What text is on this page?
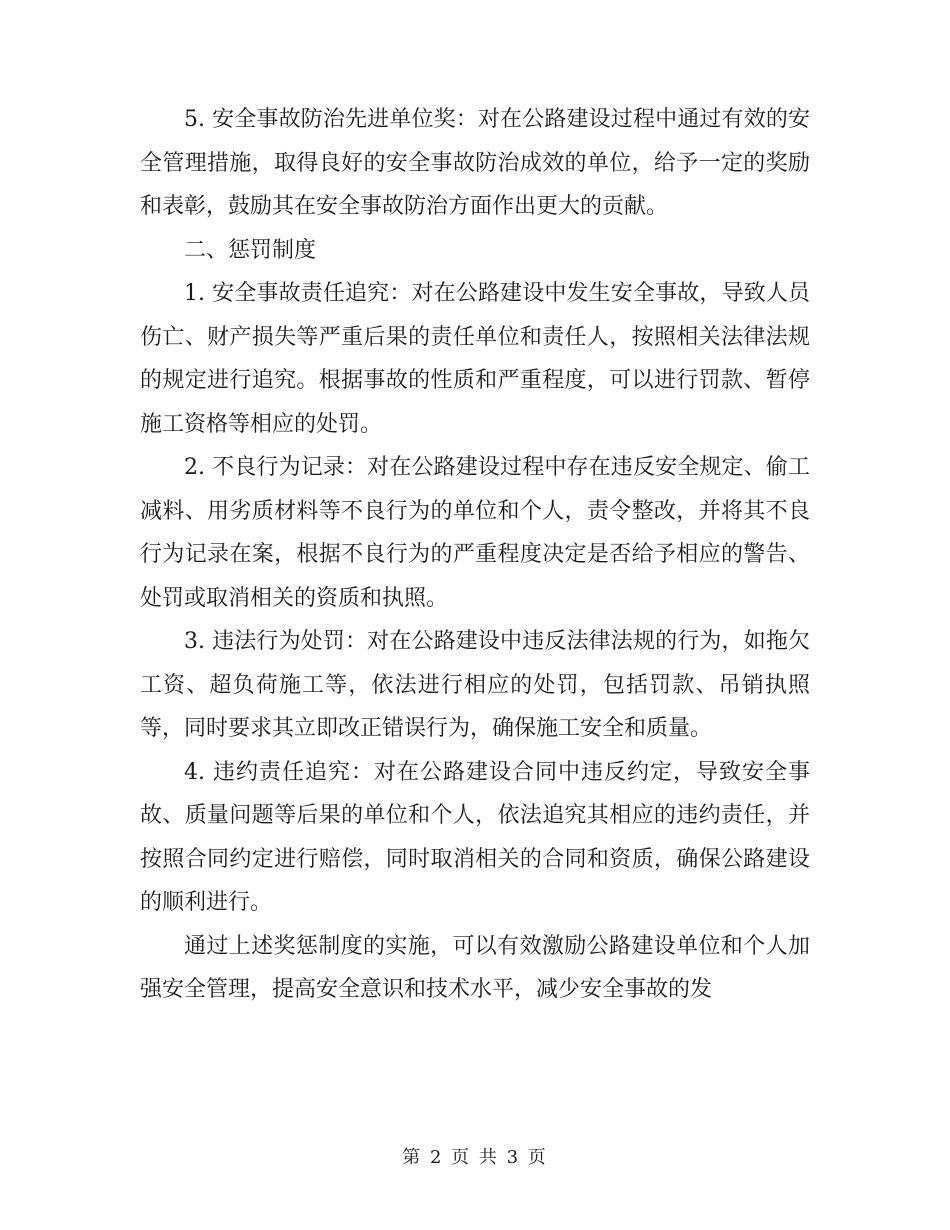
5. 安全事故防治先进单位奖：对在公路建设过程中通过有效的安全管理措施，取得良好的安全事故防治成效的单位，给予一定的奖励和表彰，鼓励其在安全事故防治方面作出更大的贡献。

二、惩罚制度

1. 安全事故责任追究：对在公路建设中发生安全事故，导致人员伤亡、财产损失等严重后果的责任单位和责任人，按照相关法律法规的规定进行追究。根据事故的性质和严重程度，可以进行罚款、暂停施工资格等相应的处罚。

2. 不良行为记录：对在公路建设过程中存在违反安全规定、偷工减料、用劣质材料等不良行为的单位和个人，责令整改，并将其不良行为记录在案，根据不良行为的严重程度决定是否给予相应的警告、处罚或取消相关的资质和执照。

3. 违法行为处罚：对在公路建设中违反法律法规的行为，如拖欠工资、超负荷施工等，依法进行相应的处罚，包括罚款、吊销执照等，同时要求其立即改正错误行为，确保施工安全和质量。

4. 违约责任追究：对在公路建设合同中违反约定，导致安全事故、质量问题等后果的单位和个人，依法追究其相应的违约责任，并按照合同约定进行赔偿，同时取消相关的合同和资质，确保公路建设的顺利进行。

通过上述奖惩制度的实施，可以有效激励公路建设单位和个人加强安全管理，提高安全意识和技术水平，减少安全事故的发

第 2 页 共 3 页
